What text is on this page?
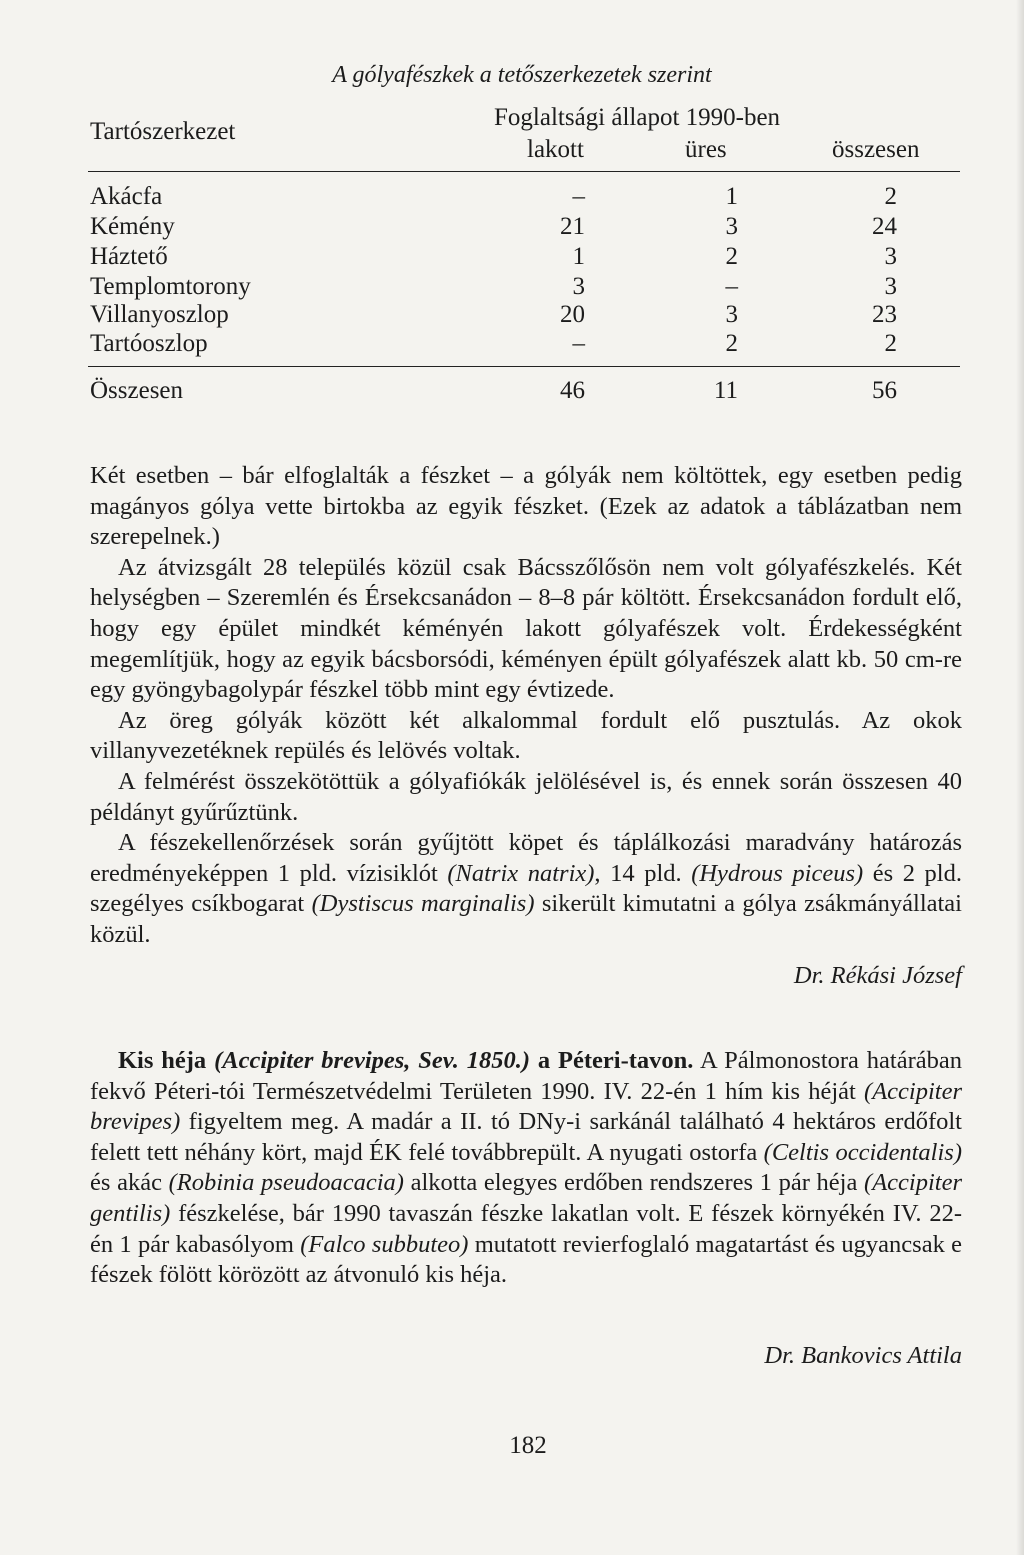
A gólyafészkek a tetőszerkezetek szerint
Tartószerkezet
Foglaltsági állapot 1990-ben
lakott	üres	összesen
Akácfa	–	1	2
Kémény	21	3	24
Háztető	1	2	3
Templomtorony	3	–	3
Villanyoszlop	20	3	23
Tartóoszlop	–	2	2
Összesen	46	11	56

Két esetben – bár elfoglalták a fészket – a gólyák nem költöttek, egy esetben pedig magányos gólya vette birtokba az egyik fészket. (Ezek az adatok a táblázatban nem szerepelnek.)

Az átvizsgált 28 település közül csak Bácsszőlősön nem volt gólyafészkelés. Két helységben – Szeremlén és Érsekcsanádon – 8–8 pár költött. Érsekcsanádon fordult elő, hogy egy épület mindkét kéményén lakott gólyafészek volt. Érdekességként megemlítjük, hogy az egyik bácsborsódi, kéményen épült gólyafészek alatt kb. 50 cm-re egy gyöngybagolypár fészkel több mint egy évtizede.

Az öreg gólyák között két alkalommal fordult elő pusztulás. Az okok villanyvezetéknek repülés és lelövés voltak.

A felmérést összekötöttük a gólyafiókák jelölésével is, és ennek során összesen 40 példányt gyűrűztünk.

A fészekellenőrzések során gyűjtött köpet és táplálkozási maradvány határozás eredményeképpen 1 pld. vízisiklót (Natrix natrix), 14 pld. (Hydrous piceus) és 2 pld. szegélyes csíkbogarat (Dystiscus marginalis) sikerült kimutatni a gólya zsákmányállatai közül.

Dr. Rékási József

Kis héja (Accipiter brevipes, Sev. 1850.) a Péteri-tavon. A Pálmonostora határában fekvő Péteri-tói Természetvédelmi Területen 1990. IV. 22-én 1 hím kis héját (Accipiter brevipes) figyeltem meg. A madár a II. tó DNy-i sarkánál található 4 hektáros erdőfolt felett tett néhány kört, majd ÉK felé továbbrepült. A nyugati ostorfa (Celtis occidentalis) és akác (Robinia pseudoacacia) alkotta elegyes erdőben rendszeres 1 pár héja (Accipiter gentilis) fészkelése, bár 1990 tavaszán fészke lakatlan volt. E fészek környékén IV. 22-én 1 pár kabasólyom (Falco subbuteo) mutatott revierfoglaló magatartást és ugyancsak e fészek fölött körözött az átvonuló kis héja.

Dr. Bankovics Attila
182
